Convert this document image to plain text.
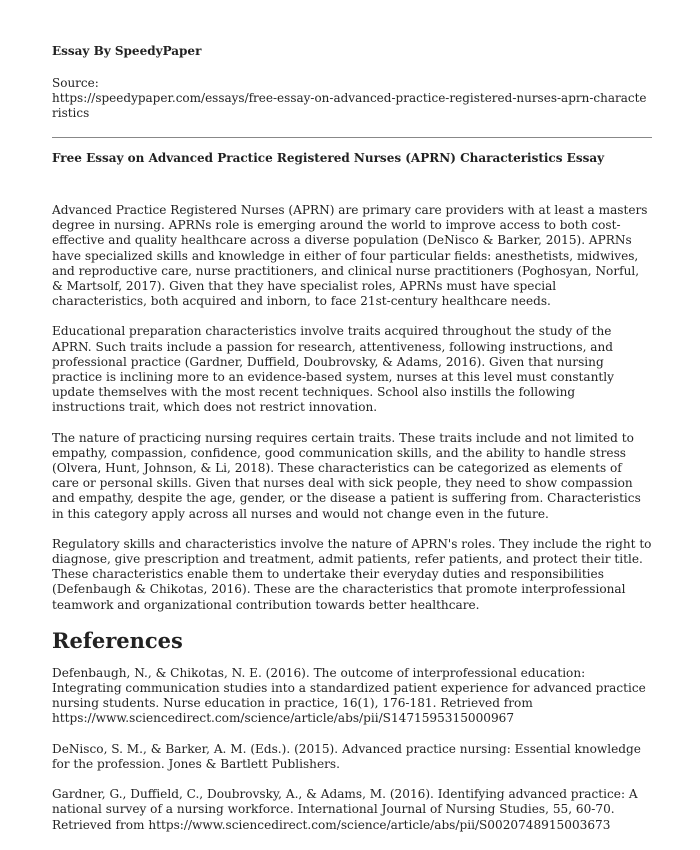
Essay By SpeedyPaper

Source:

https://speedypaper.com/essays/free-essay-on-advanced-practice-registered-nurses-aprn-characteristics

Free Essay on Advanced Practice Registered Nurses (APRN) Characteristics Essay

Advanced Practice Registered Nurses (APRN) are primary care providers with at least a masters degree in nursing. APRNs role is emerging around the world to improve access to both cost-effective and quality healthcare across a diverse population (DeNisco & Barker, 2015). APRNs have specialized skills and knowledge in either of four particular fields: anesthetists, midwives, and reproductive care, nurse practitioners, and clinical nurse practitioners (Poghosyan, Norful, & Martsolf, 2017). Given that they have specialist roles, APRNs must have special characteristics, both acquired and inborn, to face 21st-century healthcare needs.

Educational preparation characteristics involve traits acquired throughout the study of the APRN. Such traits include a passion for research, attentiveness, following instructions, and professional practice (Gardner, Duffield, Doubrovsky, & Adams, 2016). Given that nursing practice is inclining more to an evidence-based system, nurses at this level must constantly update themselves with the most recent techniques. School also instills the following instructions trait, which does not restrict innovation.

The nature of practicing nursing requires certain traits. These traits include and not limited to empathy, compassion, confidence, good communication skills, and the ability to handle stress (Olvera, Hunt, Johnson, & Li, 2018). These characteristics can be categorized as elements of care or personal skills. Given that nurses deal with sick people, they need to show compassion and empathy, despite the age, gender, or the disease a patient is suffering from. Characteristics in this category apply across all nurses and would not change even in the future.

Regulatory skills and characteristics involve the nature of APRN's roles. They include the right to diagnose, give prescription and treatment, admit patients, refer patients, and protect their title. These characteristics enable them to undertake their everyday duties and responsibilities (Defenbaugh & Chikotas, 2016). These are the characteristics that promote interprofessional teamwork and organizational contribution towards better healthcare.

References

Defenbaugh, N., & Chikotas, N. E. (2016). The outcome of interprofessional education: Integrating communication studies into a standardized patient experience for advanced practice nursing students. Nurse education in practice, 16(1), 176-181. Retrieved from https://www.sciencedirect.com/science/article/abs/pii/S1471595315000967

DeNisco, S. M., & Barker, A. M. (Eds.). (2015). Advanced practice nursing: Essential knowledge for the profession. Jones & Bartlett Publishers.

Gardner, G., Duffield, C., Doubrovsky, A., & Adams, M. (2016). Identifying advanced practice: A national survey of a nursing workforce. International Journal of Nursing Studies, 55, 60-70. Retrieved from https://www.sciencedirect.com/science/article/abs/pii/S0020748915003673
